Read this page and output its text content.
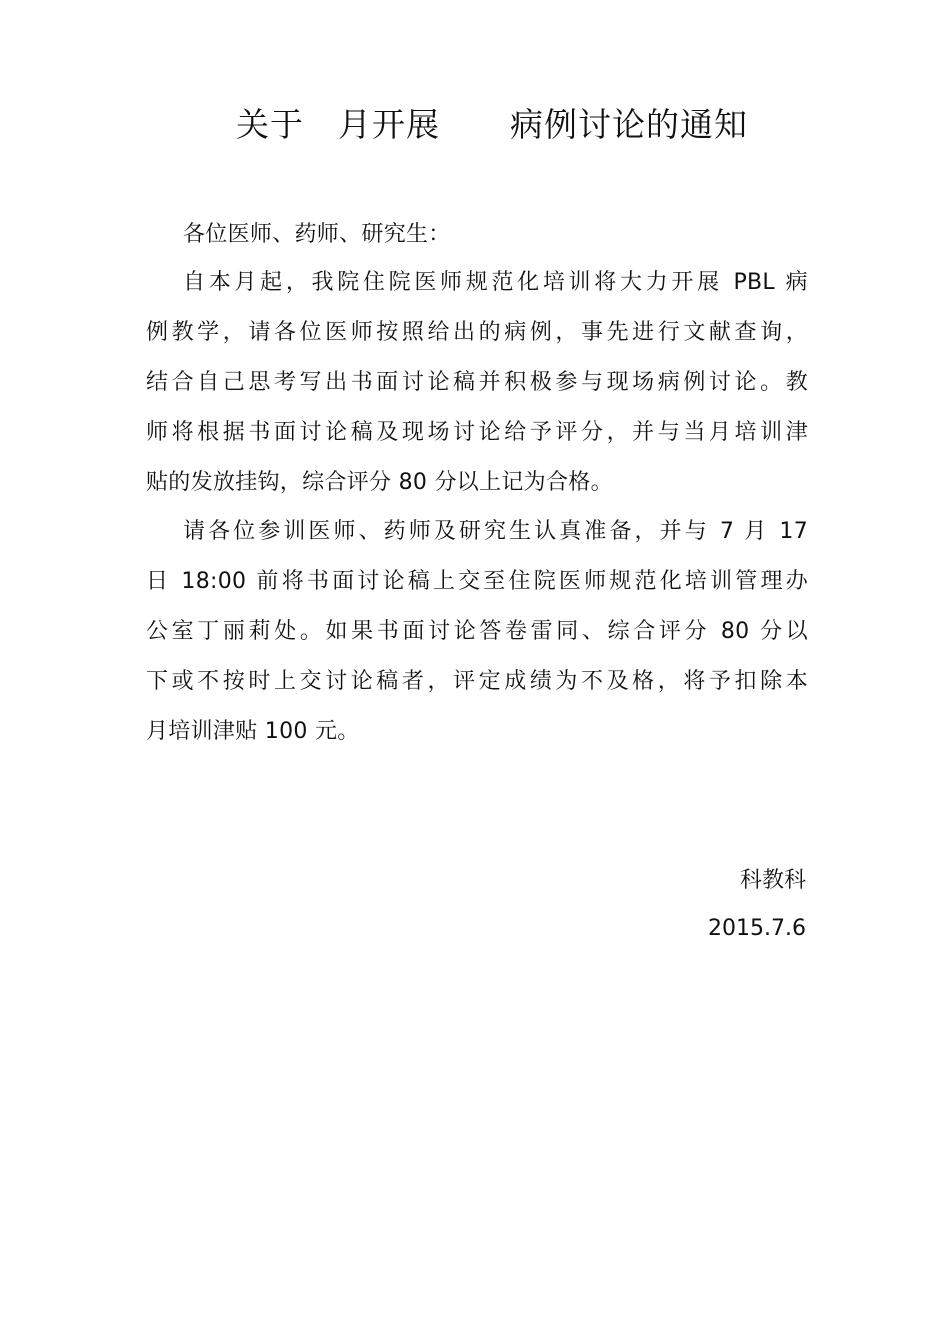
关于 月开展 病例讨论的通知
各位医师、药师、研究生：
自本月起，我院住院医师规范化培训将大力开展 PBL 病
例教学，请各位医师按照给出的病例，事先进行文献查询，
结合自己思考写出书面讨论稿并积极参与现场病例讨论。教
师将根据书面讨论稿及现场讨论给予评分，并与当月培训津
贴的发放挂钩，综合评分 80 分以上记为合格。
请各位参训医师、药师及研究生认真准备，并与 7 月 17
日 18:00 前将书面讨论稿上交至住院医师规范化培训管理办
公室丁丽莉处。如果书面讨论答卷雷同、综合评分 80 分以
下或不按时上交讨论稿者，评定成绩为不及格，将予扣除本
月培训津贴 100 元。
科教科
2015.7.6
